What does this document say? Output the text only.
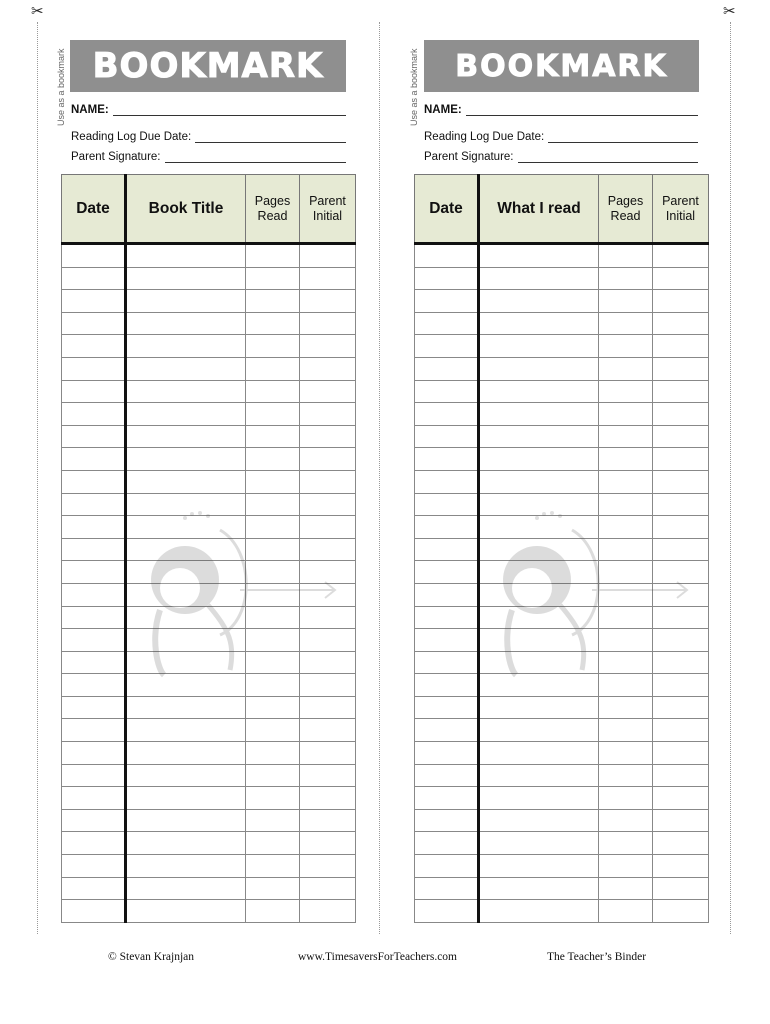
✂	✂
Use as a bookmark	Use as a bookmark
BOOKMARK
NAME:
Reading Log Due Date:
Parent Signature:
Date	Book Title	Pages Read	Parent Initial

BOOKMARK
NAME:
Reading Log Due Date:
Parent Signature:
Date	What I read	Pages Read	Parent Initial

© Stevan Krajnjan	www.TimesaversForTeachers.com	The Teacher’s Binder
